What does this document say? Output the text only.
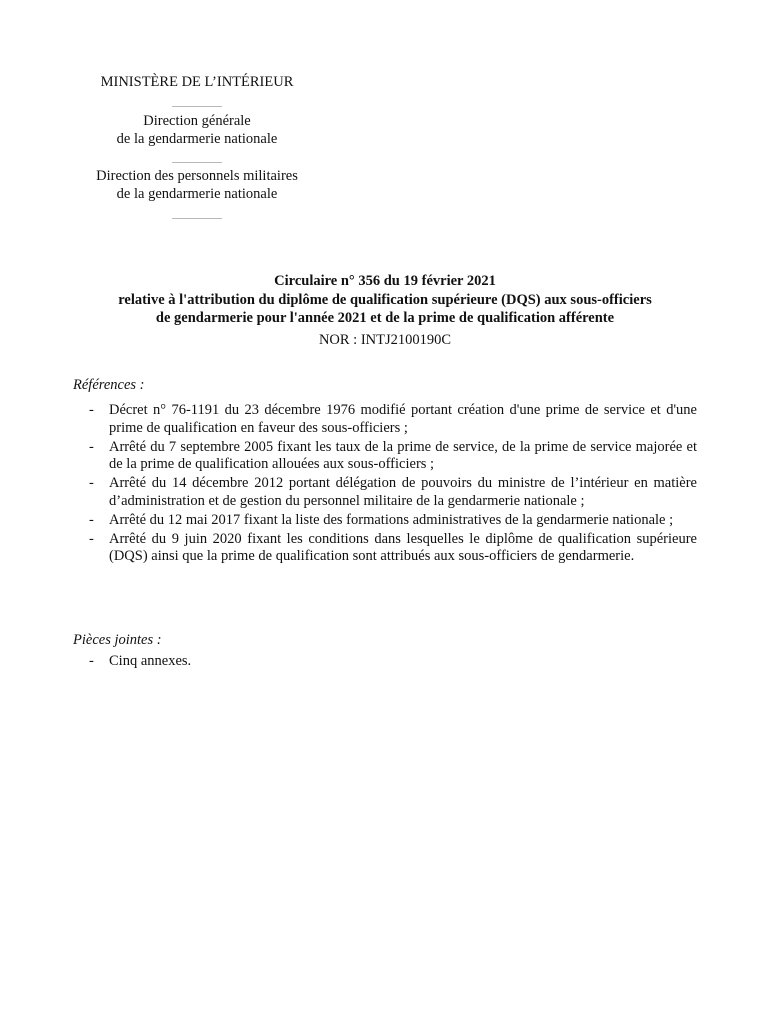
MINISTÈRE DE L’INTÉRIEUR
Direction générale
de la gendarmerie nationale
Direction des personnels militaires
de la gendarmerie nationale
Circulaire n° 356 du 19 février 2021
relative à l'attribution du diplôme de qualification supérieure (DQS) aux sous-officiers
de gendarmerie pour l'année 2021 et de la prime de qualification afférente
NOR : INTJ2100190C
Références :
- Décret n° 76-1191 du 23 décembre 1976 modifié portant création d'une prime de service et d'une prime de qualification en faveur des sous-officiers ;
- Arrêté du 7 septembre 2005 fixant les taux de la prime de service, de la prime de service majorée et de la prime de qualification allouées aux sous-officiers ;
- Arrêté du 14 décembre 2012 portant délégation de pouvoirs du ministre de l’intérieur en matière d’administration et de gestion du personnel militaire de la gendarmerie nationale ;
- Arrêté du 12 mai 2017 fixant la liste des formations administratives de la gendarmerie nationale ;
- Arrêté du 9 juin 2020 fixant les conditions dans lesquelles le diplôme de qualification supérieure (DQS) ainsi que la prime de qualification sont attribués aux sous-officiers de gendarmerie.
Pièces jointes :
- Cinq annexes.
